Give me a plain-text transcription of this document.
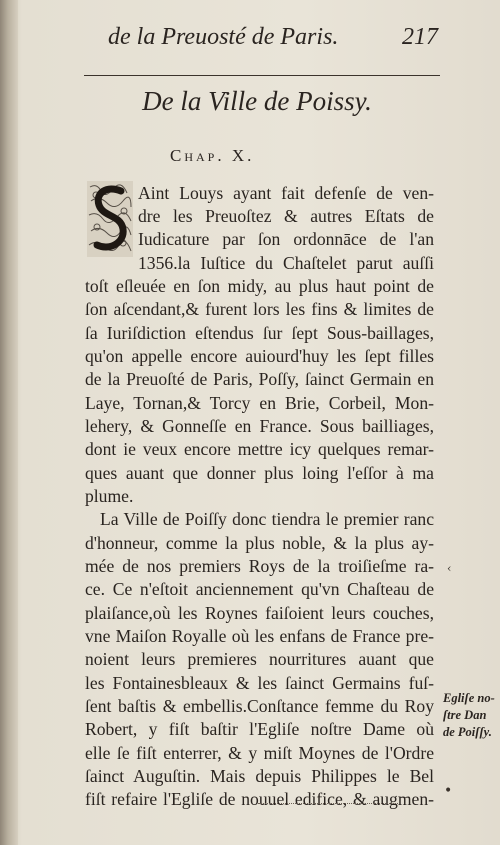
de la Preuosté de Paris.	217
De la Ville de Poissy.
Chap. X.
Aint Louys ayant fait defenſe de ven-
dre les Preuoſtez & autres Eſtats de
Iudicature par ſon ordonnāce de l'an
1356.la Iuſtice du Chaſtelet parut auſſi
toſt eſleuée en ſon midy, au plus haut point de
ſon aſcendant,& furent lors les fins & limites de
ſa Iuriſdiction eſtendus ſur ſept Sous-baillages,
qu'on appelle encore auiourd'huy les ſept filles
de la Preuoſté de Paris, Poſſy, ſainct Germain en
Laye, Tornan,& Torcy en Brie, Corbeil, Mon-
lehery, & Gonneſſe en France. Sous bailliages,
dont ie veux encore mettre icy quelques remar-
ques auant que donner plus loing l'eſſor à ma
plume.
La Ville de Poiſſy donc tiendra le premier ranc
d'honneur, comme la plus noble, & la plus ay-
mée de nos premiers Roys de la troiſieſme ra-
ce. Ce n'eſtoit anciennement qu'vn Chaſteau de
plaiſance,où les Roynes faiſoient leurs couches,
vne Maiſon Royalle où les enfans de France pre-
noient leurs premieres nourritures auant que
les Fontainesbleaux & les ſainct Germains fuſ-
ſent baſtis & embellis.Conſtance femme du Roy
Robert, y fiſt baſtir l'Egliſe noſtre Dame où
elle ſe fiſt enterrer, & y miſt Moynes de l'Ordre
ſainct Auguſtin. Mais depuis Philippes le Bel
fiſt refaire l'Egliſe de nouuel edifice, & augmen-
Egliſe no-
ſtre Dan
de Poiſſy.
•
‹
